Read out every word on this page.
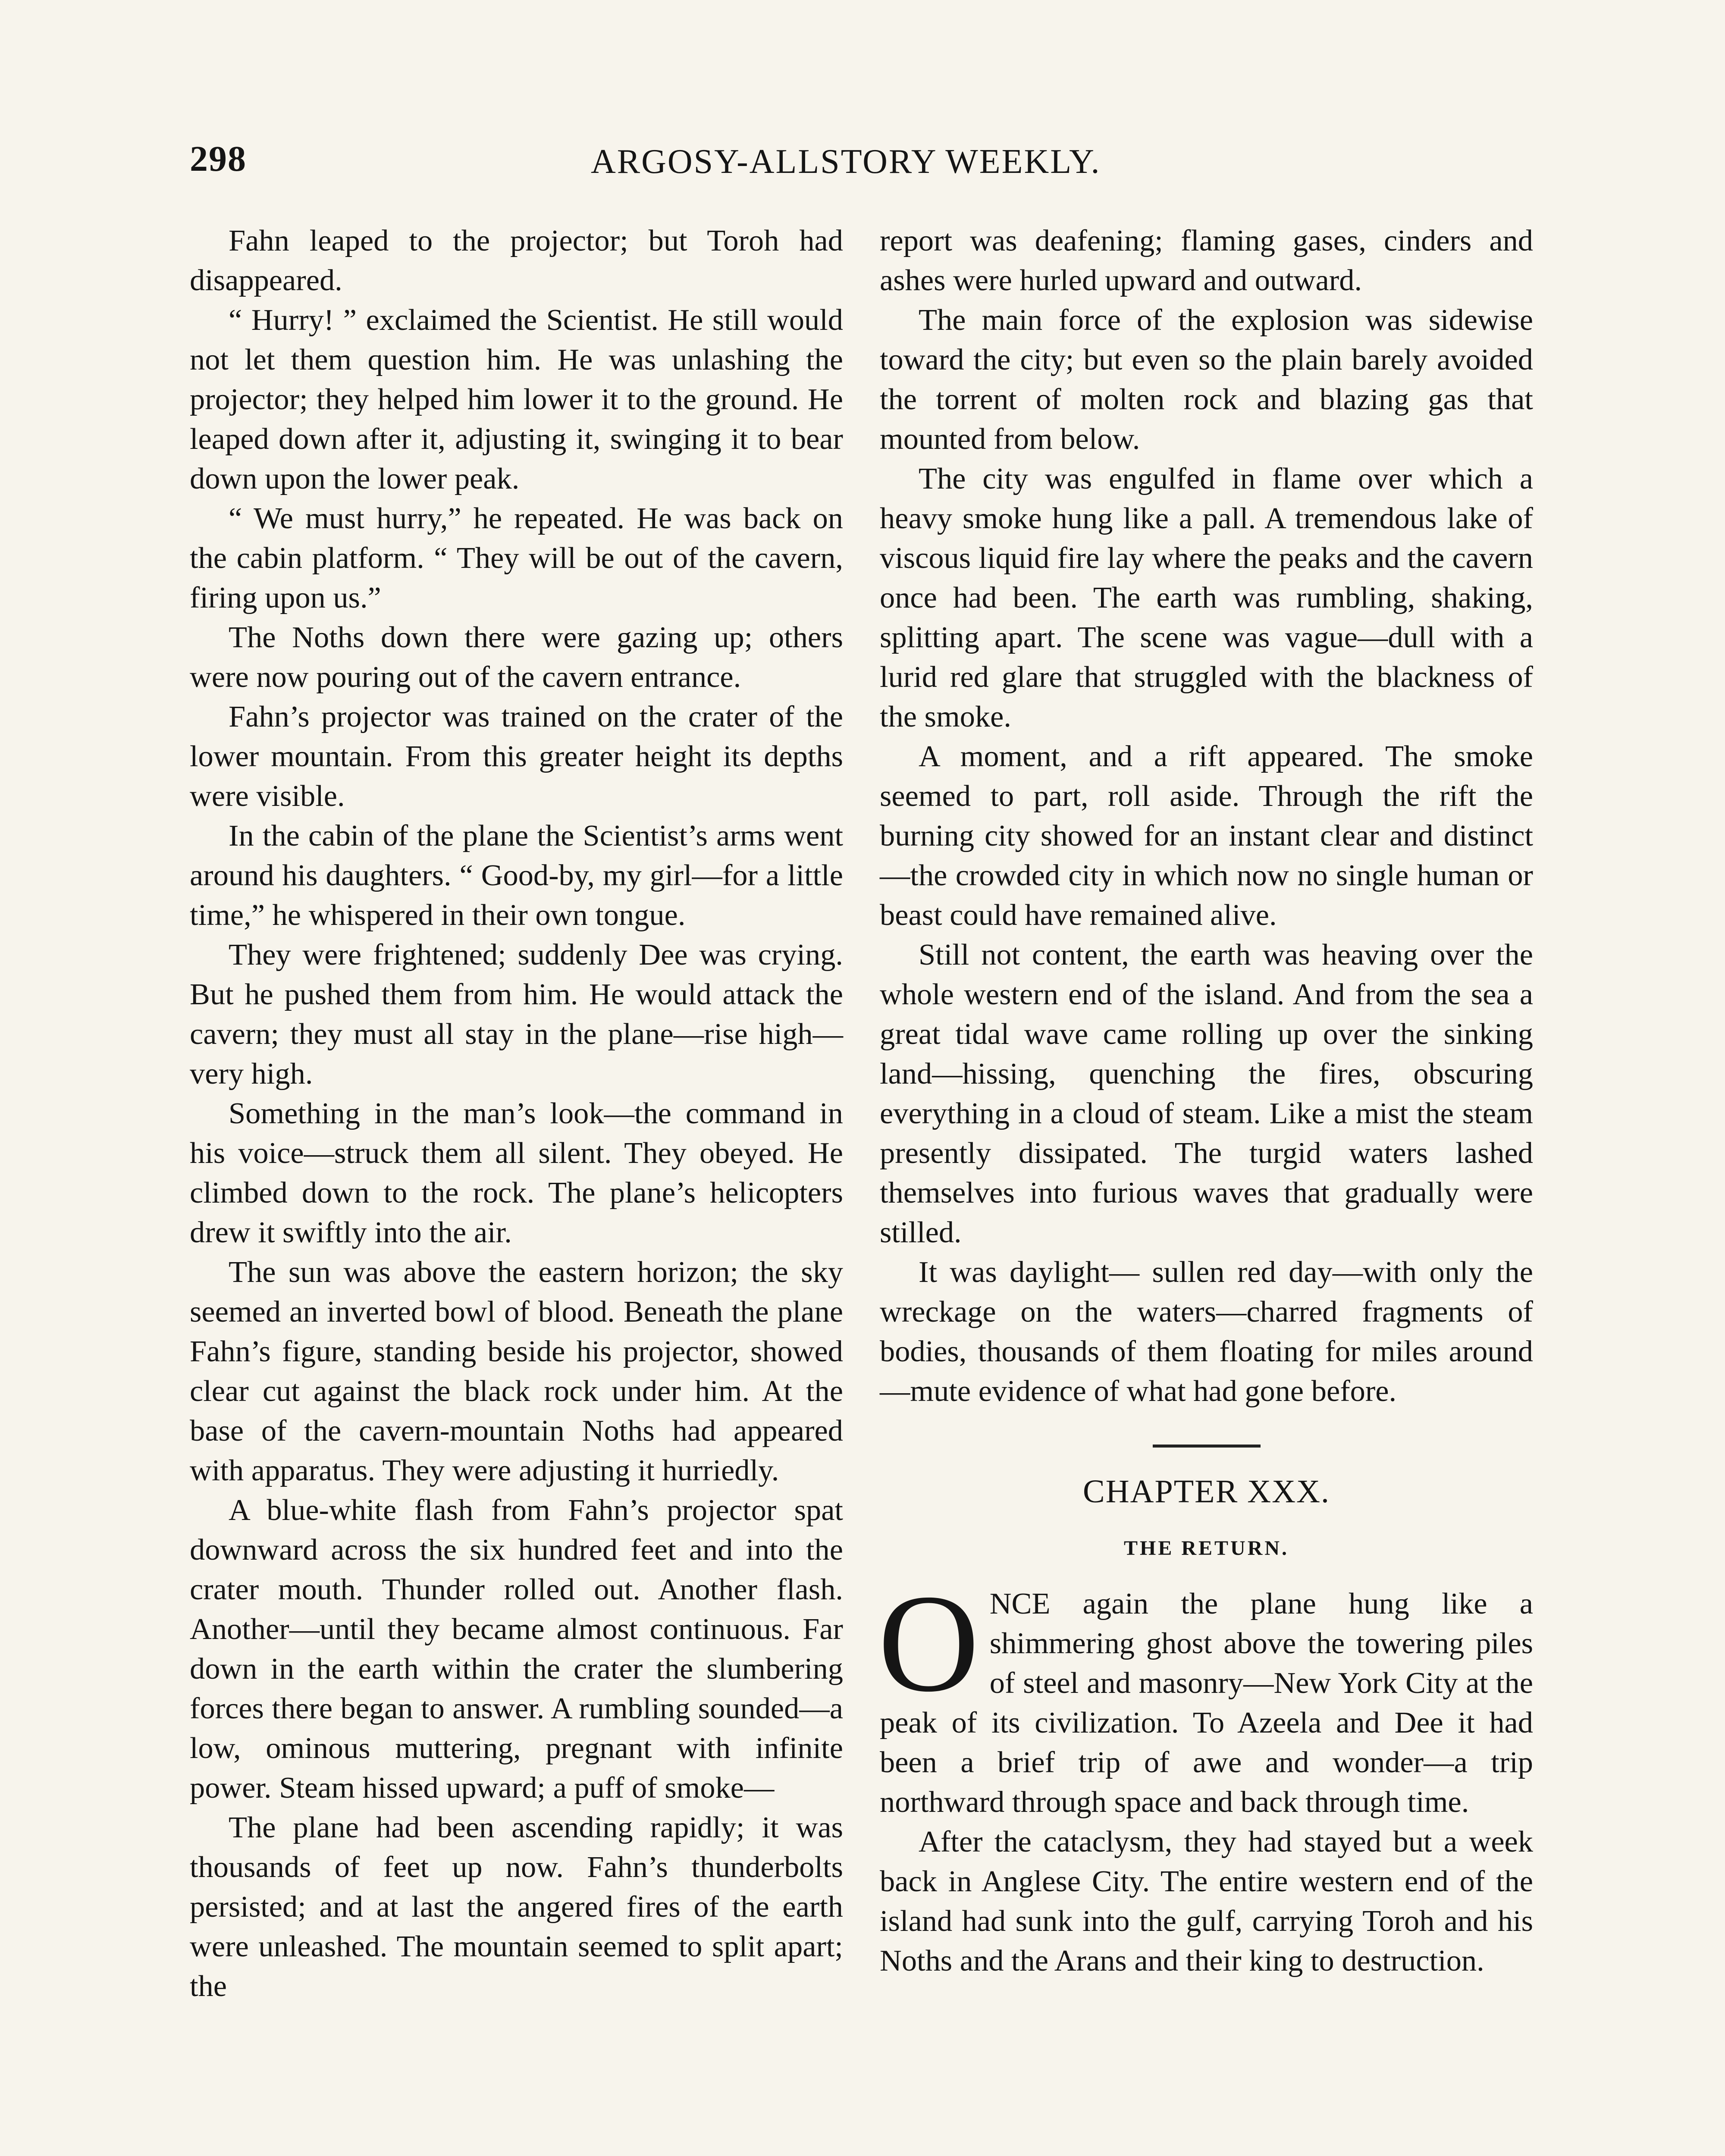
298	ARGOSY-ALLSTORY WEEKLY.

Fahn leaped to the projector; but Toroh had disappeared.

“ Hurry! ” exclaimed the Scientist. He still would not let them question him. He was unlashing the projector; they helped him lower it to the ground. He leaped down after it, adjusting it, swinging it to bear down upon the lower peak.

“ We must hurry,” he repeated. He was back on the cabin platform. “ They will be out of the cavern, firing upon us.”

The Noths down there were gazing up; others were now pouring out of the cavern entrance.

Fahn’s projector was trained on the crater of the lower mountain. From this greater height its depths were visible.

In the cabin of the plane the Scientist’s arms went around his daughters. “ Good-by, my girl—for a little time,” he whispered in their own tongue.

They were frightened; suddenly Dee was crying. But he pushed them from him. He would attack the cavern; they must all stay in the plane—rise high—very high.

Something in the man’s look—the command in his voice—struck them all silent. They obeyed. He climbed down to the rock. The plane’s helicopters drew it swiftly into the air.

The sun was above the eastern horizon; the sky seemed an inverted bowl of blood. Beneath the plane Fahn’s figure, standing beside his projector, showed clear cut against the black rock under him. At the base of the cavern-mountain Noths had appeared with apparatus. They were adjusting it hurriedly.

A blue-white flash from Fahn’s projector spat downward across the six hundred feet and into the crater mouth. Thunder rolled out. Another flash. Another—until they became almost continuous. Far down in the earth within the crater the slumbering forces there began to answer. A rumbling sounded—a low, ominous muttering, pregnant with infinite power. Steam hissed upward; a puff of smoke—

The plane had been ascending rapidly; it was thousands of feet up now. Fahn’s thunderbolts persisted; and at last the angered fires of the earth were unleashed. The mountain seemed to split apart; the

report was deafening; flaming gases, cinders and ashes were hurled upward and outward.

The main force of the explosion was sidewise toward the city; but even so the plain barely avoided the torrent of molten rock and blazing gas that mounted from below.

The city was engulfed in flame over which a heavy smoke hung like a pall. A tremendous lake of viscous liquid fire lay where the peaks and the cavern once had been. The earth was rumbling, shaking, splitting apart. The scene was vague—dull with a lurid red glare that struggled with the blackness of the smoke.

A moment, and a rift appeared. The smoke seemed to part, roll aside. Through the rift the burning city showed for an instant clear and distinct—the crowded city in which now no single human or beast could have remained alive.

Still not content, the earth was heaving over the whole western end of the island. And from the sea a great tidal wave came rolling up over the sinking land—hissing, quenching the fires, obscuring everything in a cloud of steam. Like a mist the steam presently dissipated. The turgid waters lashed themselves into furious waves that gradually were stilled.

It was daylight— sullen red day—with only the wreckage on the waters—charred fragments of bodies, thousands of them floating for miles around—mute evidence of what had gone before.

CHAPTER XXX.
THE RETURN.

ONCE again the plane hung like a shimmering ghost above the towering piles of steel and masonry—New York City at the peak of its civilization. To Azeela and Dee it had been a brief trip of awe and wonder—a trip northward through space and back through time.

After the cataclysm, they had stayed but a week back in Anglese City. The entire western end of the island had sunk into the gulf, carrying Toroh and his Noths and the Arans and their king to destruction.
